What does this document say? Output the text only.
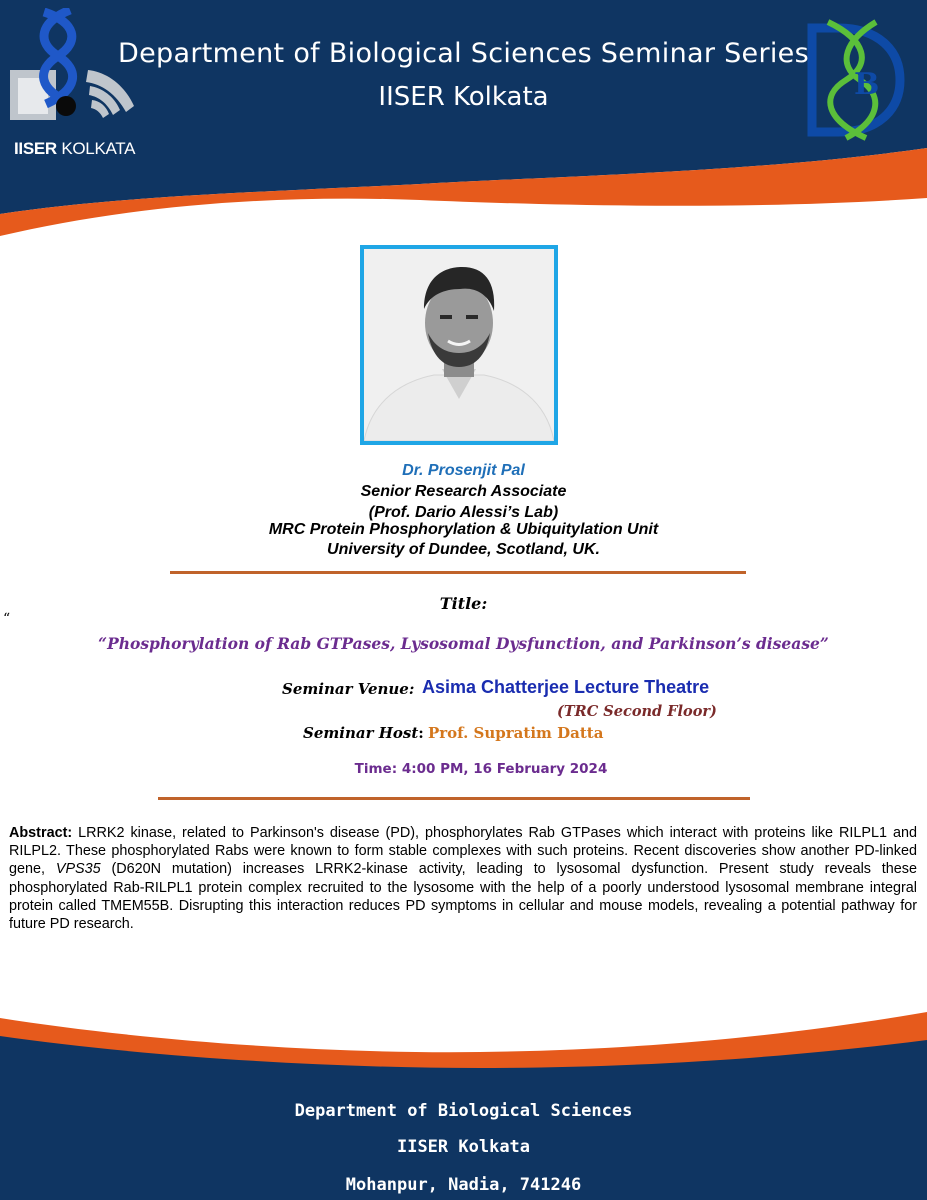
IISER KOLKATA
Department of Biological Sciences Seminar Series
IISER Kolkata	B
Dr. Prosenjit Pal
Senior Research Associate
(Prof. Dario Alessi’s Lab)
MRC Protein Phosphorylation & Ubiquitylation Unit
University of Dundee, Scotland, UK.
Title:
“
“Phosphorylation of Rab GTPases, Lysosomal Dysfunction, and Parkinson’s disease”
Seminar Venue: Asima Chatterjee Lecture Theatre
(TRC Second Floor)
Seminar Host: Prof. Supratim Datta
Time: 4:00 PM, 16 February 2024
Abstract: LRRK2 kinase, related to Parkinson's disease (PD), phosphorylates Rab GTPases which interact with proteins like RILPL1 and RILPL2. These phosphorylated Rabs were known to form stable complexes with such proteins. Recent discoveries show another PD-linked gene, VPS35 (D620N mutation) increases LRRK2-kinase activity, leading to lysosomal dysfunction. Present study reveals these phosphorylated Rab-RILPL1 protein complex recruited to the lysosome with the help of a poorly understood lysosomal membrane integral protein called TMEM55B. Disrupting this interaction reduces PD symptoms in cellular and mouse models, revealing a potential pathway for future PD research.
Department of Biological Sciences
IISER Kolkata
Mohanpur, Nadia, 741246
